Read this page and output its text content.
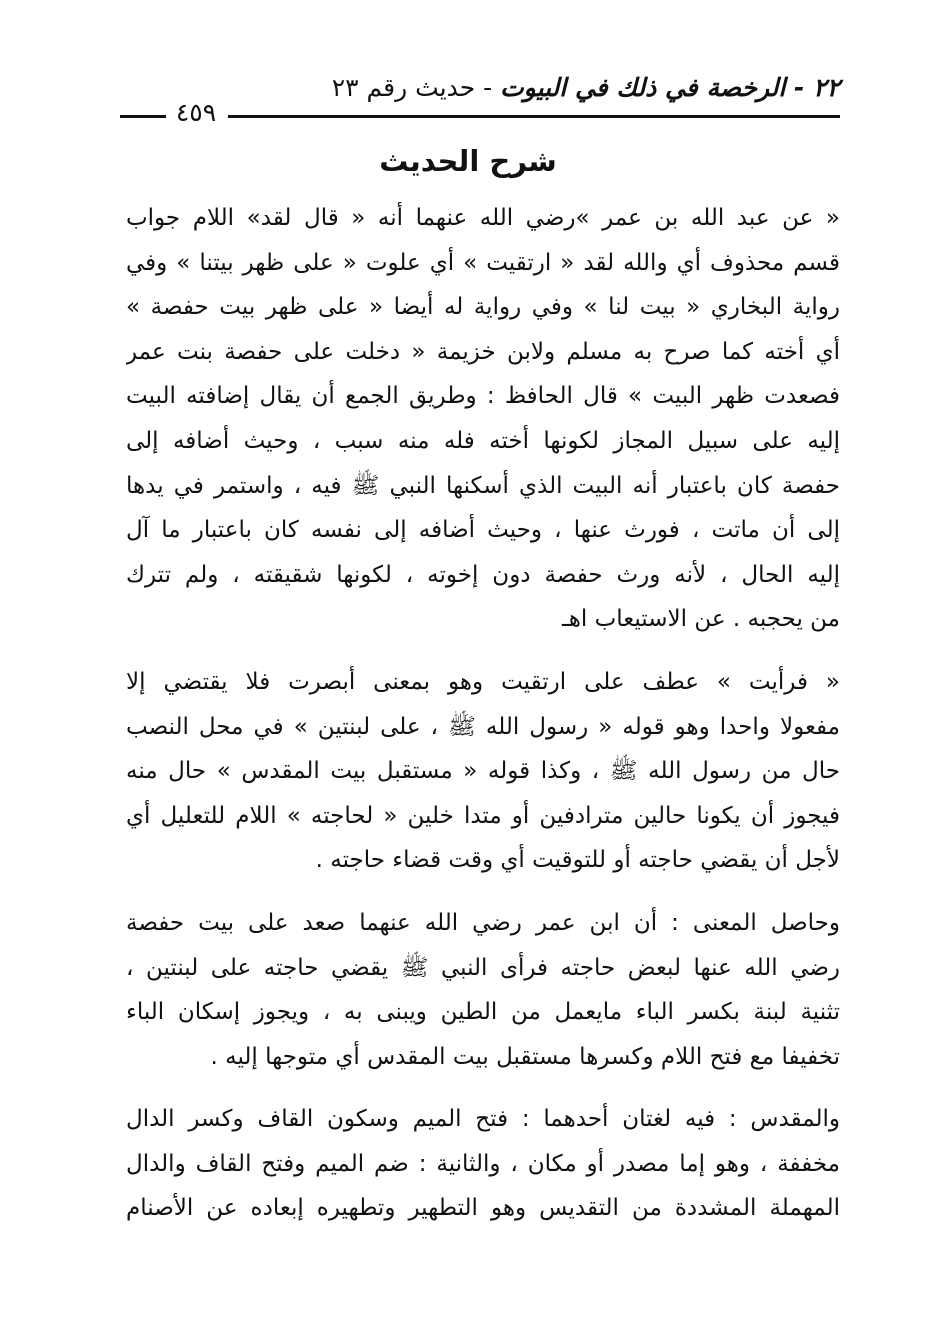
٢٢ - الرخصة في ذلك في البيوت - حديث رقم ٢٣
٤٥٩
شرح الحديث
« عن عبد الله بن عمر »رضي الله عنهما أنه « قال لقد» اللام جواب
قسم محذوف أي والله لقد « ارتقيت » أي علوت « على ظهر بيتنا » وفي
رواية البخاري « بيت لنا » وفي رواية له أيضا « على ظهر بيت حفصة »
أي أخته كما صرح به مسلم ولابن خزيمة « دخلت على حفصة بنت عمر
فصعدت ظهر البيت » قال الحافظ : وطريق الجمع أن يقال إضافته البيت
إليه على سبيل المجاز لكونها أخته فله منه سبب ، وحيث أضافه إلى
حفصة كان باعتبار أنه البيت الذي أسكنها النبي ﷺ فيه ، واستمر في يدها
إلى أن ماتت ، فورث عنها ، وحيث أضافه إلى نفسه كان باعتبار ما آل
إليه الحال ، لأنه ورث حفصة دون إخوته ، لكونها شقيقته ، ولم تترك
من يحجبه . عن الاستيعاب اهـ
« فرأيت » عطف على ارتقيت وهو بمعنى أبصرت فلا يقتضي إلا
مفعولا واحدا وهو قوله « رسول الله ﷺ ، على لبنتين » في محل النصب
حال من رسول الله ﷺ ، وكذا قوله « مستقبل بيت المقدس » حال منه
فيجوز أن يكونا حالين مترادفين أو متدا خلين « لحاجته » اللام للتعليل أي
لأجل أن يقضي حاجته أو للتوقيت أي وقت قضاء حاجته .
وحاصل المعنى : أن ابن عمر رضي الله عنهما صعد على بيت حفصة
رضي الله عنها لبعض حاجته فرأى النبي ﷺ يقضي حاجته على لبنتين ،
تثنية لبنة بكسر الباء مايعمل من الطين ويبنى به ، ويجوز إسكان الباء
تخفيفا مع فتح اللام وكسرها مستقبل بيت المقدس أي متوجها إليه .
والمقدس : فيه لغتان أحدهما : فتح الميم وسكون القاف وكسر الدال
مخففة ، وهو إما مصدر أو مكان ، والثانية : ضم الميم وفتح القاف والدال
المهملة المشددة من التقديس وهو التطهير وتطهيره إبعاده عن الأصنام
